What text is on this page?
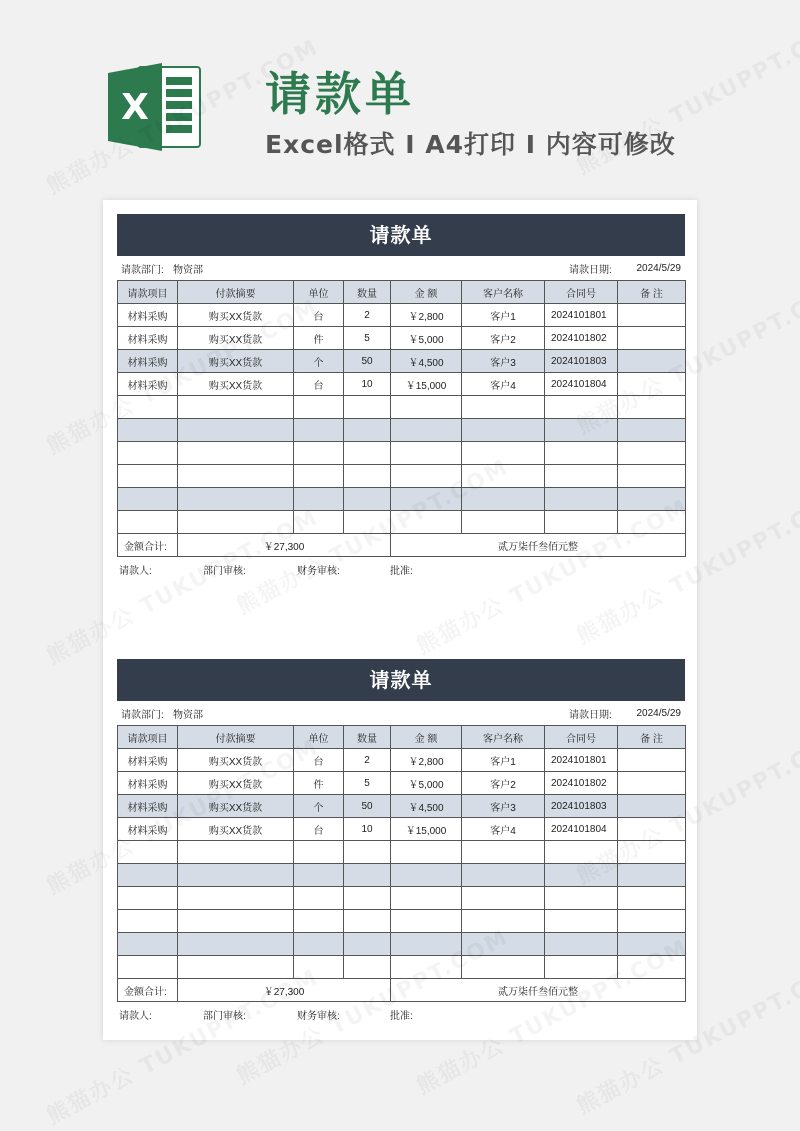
X	请款单
Excel格式 I A4打印 I 内容可修改
请款单
请款部门: 物资部	请款日期:	2024/5/29
请款项目	付款摘要	单位	数量	金 额	客户名称	合同号	备 注
材料采购	购买XX货款	台	2	￥2,800	客户1	2024101801	
材料采购	购买XX货款	件	5	￥5,000	客户2	2024101802	
材料采购	购买XX货款	个	50	￥4,500	客户3	2024101803	
材料采购	购买XX货款	台	10	￥15,000	客户4	2024101804	

金额合计:	￥27,300			贰万柒仟叁佰元整			
请款人:	部门审核:	财务审核:	批准:
请款单
请款部门: 物资部	请款日期:	2024/5/29
请款项目	付款摘要	单位	数量	金 额	客户名称	合同号	备 注
材料采购	购买XX货款	台	2	￥2,800	客户1	2024101801	
材料采购	购买XX货款	件	5	￥5,000	客户2	2024101802	
材料采购	购买XX货款	个	50	￥4,500	客户3	2024101803	
材料采购	购买XX货款	台	10	￥15,000	客户4	2024101804	

金额合计:	￥27,300			贰万柒仟叁佰元整			
请款人:	部门审核:	财务审核:	批准:
